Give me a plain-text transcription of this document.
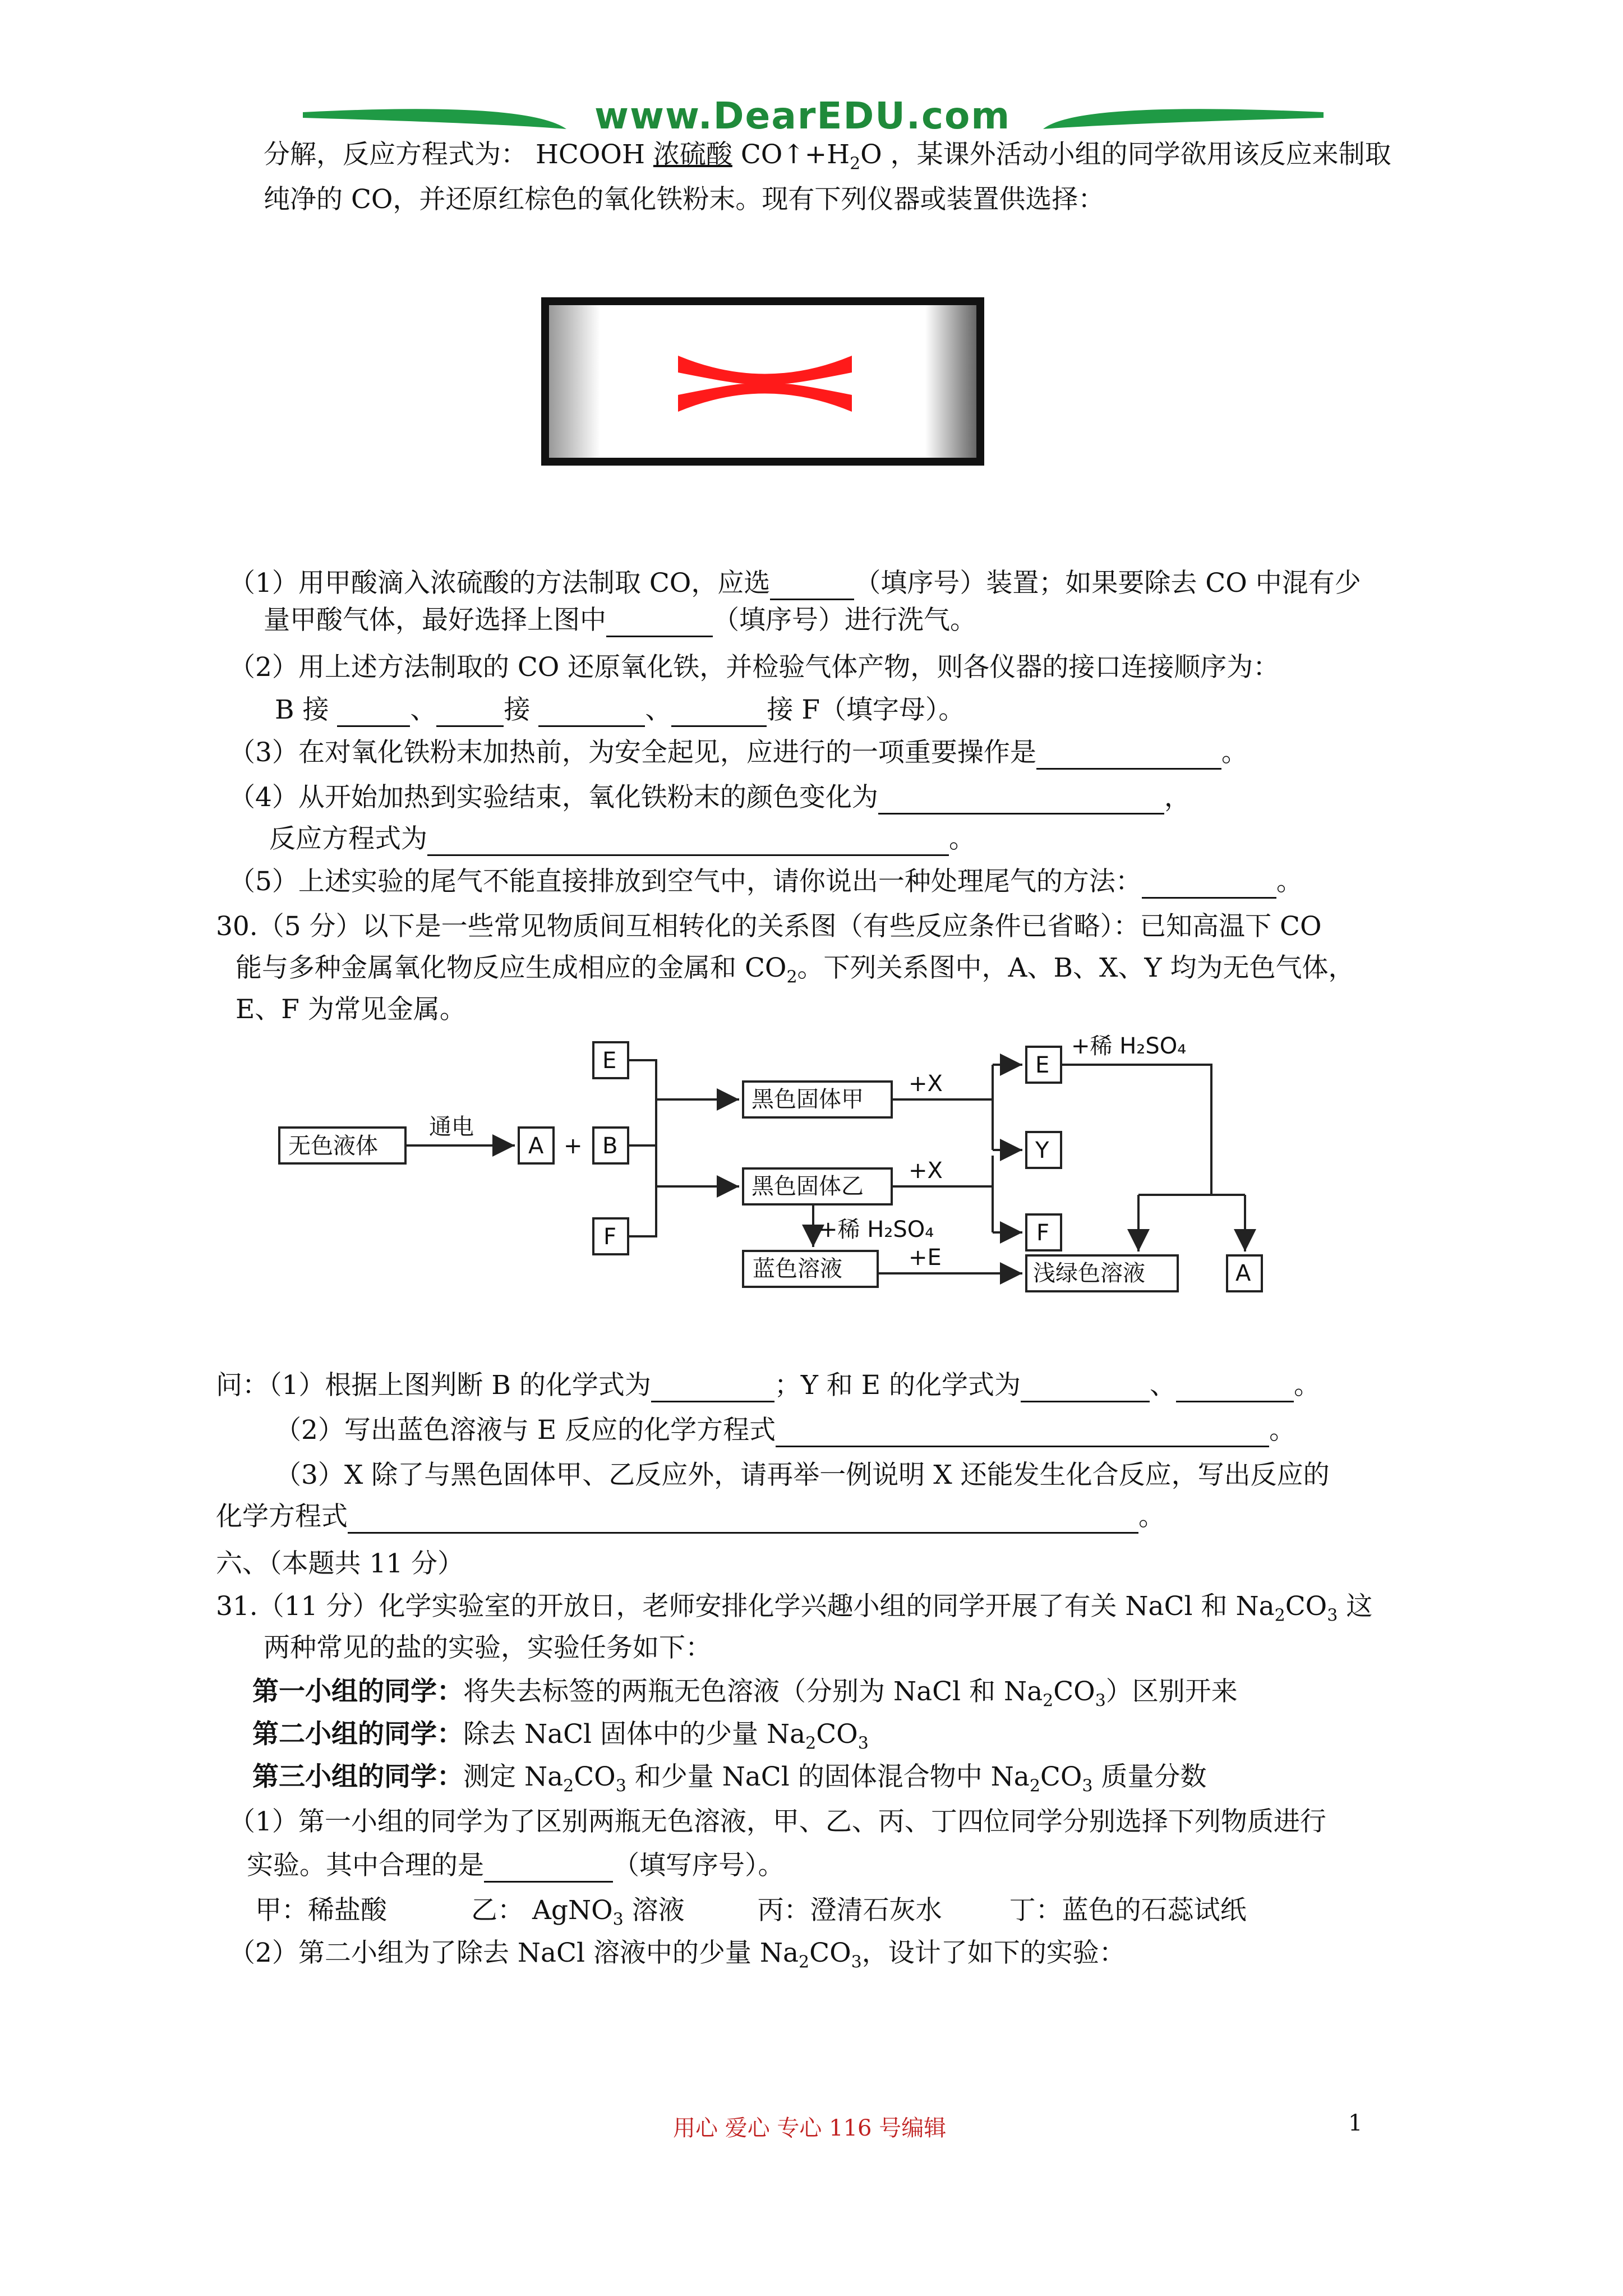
www.DearEDU.com
分解，反应方程式为： HCOOH 浓硫酸 $CO↑+H_2O$ ，某课外活动小组的同学欲用该反应来制取
纯净的 CO，并还原红棕色的氧化铁粉末。现有下列仪器或装置供选择：
（1）用甲酸滴入浓硫酸的方法制取 CO，应选	（填序号）装置；如果要除去 CO 中混有少
量甲酸气体，最好选择上图中	（填序号）进行洗气。
（2）用上述方法制取的 CO 还原氧化铁，并检验气体产物，则各仪器的接口连接顺序为：
B 接	、	接	、	接 F（填字母）。
（3）在对氧化铁粉末加热前，为安全起见，应进行的一项重要操作是	。
（4）从开始加热到实验结束，氧化铁粉末的颜色变化为	，
反应方程式为	。
（5）上述实验的尾气不能直接排放到空气中，请你说出一种处理尾气的方法：	。
30.（5 分）以下是一些常见物质间互相转化的关系图（有些反应条件已省略）：已知高温下 CO
能与多种金属氧化物反应生成相应的金属和 $CO_2$。下列关系图中，A、B、X、Y 均为无色气体，
E、F 为常见金属。
无色液体	A + B
E
F
黑色固体甲
黑色固体乙
蓝色溶液
E
Y
F
浅绿色溶液	A
通电
+X
+X
+稀 H₂SO₄
+稀 H₂SO₄
+E
问：（1）根据上图判断 B 的化学式为	；Y 和 E 的化学式为	、	。
（2）写出蓝色溶液与 E 反应的化学方程式	。
（3）X 除了与黑色固体甲、乙反应外，请再举一例说明 X 还能发生化合反应，写出反应的
化学方程式	。
六、（本题共 11 分）
31.（11 分）化学实验室的开放日，老师安排化学兴趣小组的同学开展了有关 NaCl 和 $Na_2CO_3$ 这
两种常见的盐的实验，实验任务如下：
第一小组的同学：将失去标签的两瓶无色溶液（分别为 NaCl 和 $Na_2CO_3$）区别开来
第二小组的同学：除去 NaCl 固体中的少量 $Na_2CO_3$
第三小组的同学：测定 $Na_2CO_3$ 和少量 NaCl 的固体混合物中 $Na_2CO_3$ 质量分数
（1）第一小组的同学为了区别两瓶无色溶液，甲、乙、丙、丁四位同学分别选择下列物质进行
实验。其中合理的是	（填写序号）。
甲：稀盐酸	乙： AgNO$_3$ 溶液	丙：澄清石灰水	丁：蓝色的石蕊试纸
（2）第二小组为了除去 NaCl 溶液中的少量 $Na_2CO_3$，设计了如下的实验：
用心 爱心 专心 116 号编辑	1
